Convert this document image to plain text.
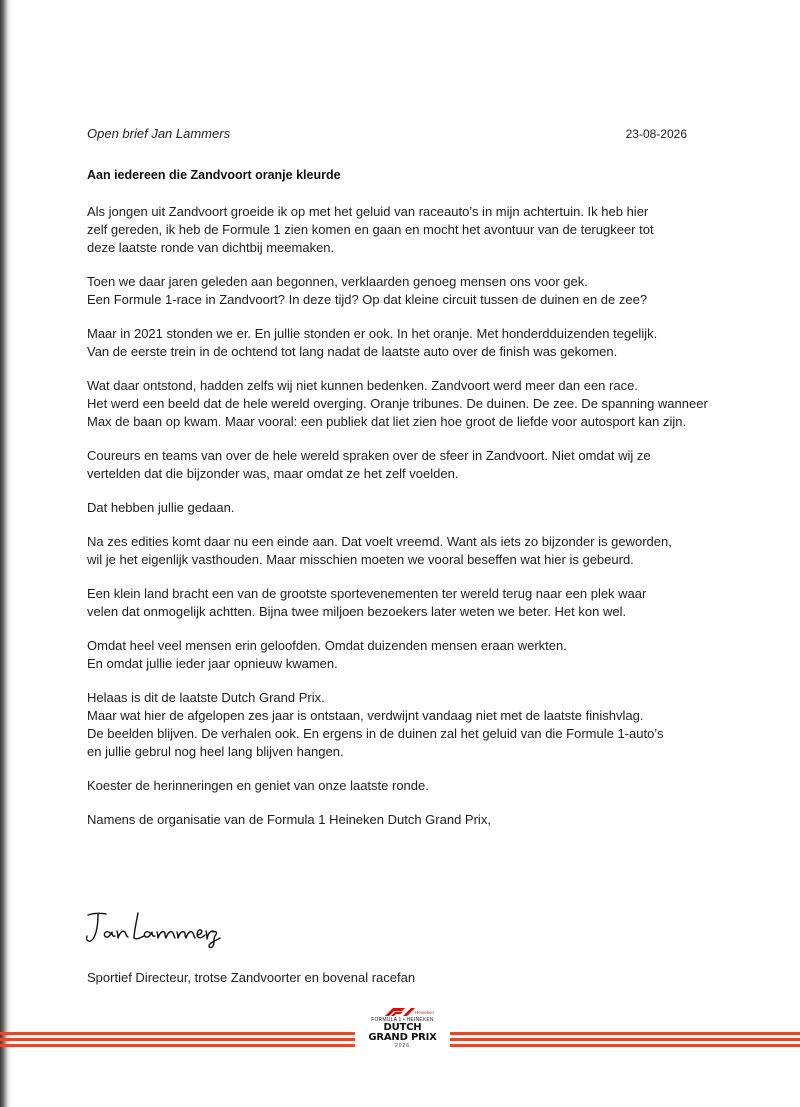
Open brief Jan Lammers	23-08-2026
Aan iedereen die Zandvoort oranje kleurde

Als jongen uit Zandvoort groeide ik op met het geluid van raceauto’s in mijn achtertuin. Ik heb hier
zelf gereden, ik heb de Formule 1 zien komen en gaan en mocht het avontuur van de terugkeer tot
deze laatste ronde van dichtbij meemaken.

Toen we daar jaren geleden aan begonnen, verklaarden genoeg mensen ons voor gek.
Een Formule 1-race in Zandvoort? In deze tijd? Op dat kleine circuit tussen de duinen en de zee?

Maar in 2021 stonden we er. En jullie stonden er ook. In het oranje. Met honderdduizenden tegelijk.
Van de eerste trein in de ochtend tot lang nadat de laatste auto over de finish was gekomen.

Wat daar ontstond, hadden zelfs wij niet kunnen bedenken. Zandvoort werd meer dan een race.
Het werd een beeld dat de hele wereld overging. Oranje tribunes. De duinen. De zee. De spanning wanneer
Max de baan op kwam. Maar vooral: een publiek dat liet zien hoe groot de liefde voor autosport kan zijn.

Coureurs en teams van over de hele wereld spraken over de sfeer in Zandvoort. Niet omdat wij ze
vertelden dat die bijzonder was, maar omdat ze het zelf voelden.

Dat hebben jullie gedaan.

Na zes edities komt daar nu een einde aan. Dat voelt vreemd. Want als iets zo bijzonder is geworden,
wil je het eigenlijk vasthouden. Maar misschien moeten we vooral beseffen wat hier is gebeurd.

Een klein land bracht een van de grootste sportevenementen ter wereld terug naar een plek waar
velen dat onmogelijk achtten. Bijna twee miljoen bezoekers later weten we beter. Het kon wel.

Omdat heel veel mensen erin geloofden. Omdat duizenden mensen eraan werkten.
En omdat jullie ieder jaar opnieuw kwamen.

Helaas is dit de laatste Dutch Grand Prix.
Maar wat hier de afgelopen zes jaar is ontstaan, verdwijnt vandaag niet met de laatste finishvlag.
De beelden blijven. De verhalen ook. En ergens in de duinen zal het geluid van die Formule 1-auto’s
en jullie gebrul nog heel lang blijven hangen.

Koester de herinneringen en geniet van onze laatste ronde.

Namens de organisatie van de Formula 1 Heineken Dutch Grand Prix,

Sportief Directeur, trotse Zandvoorter en bovenal racefan
Heineken
FORMULA 1 • HEINEKEN
DUTCH
GRAND PRIX
2026
